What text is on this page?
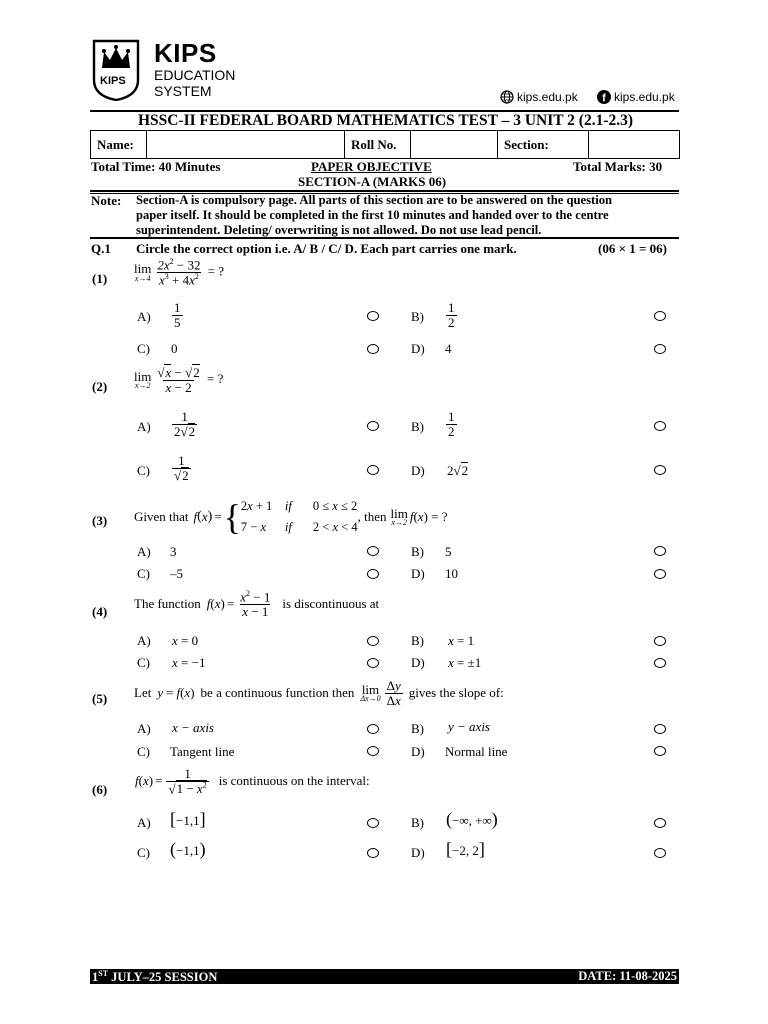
KIPS
KIPS
EDUCATION
SYSTEM	kips.edu.pk f kips.edu.pk
HSSC-II FEDERAL BOARD MATHEMATICS TEST – 3 UNIT 2 (2.1-2.3)
Name:	Roll No.	Section:
Total Time: 40 Minutes	PAPER OBJECTIVE
SECTION-A (MARKS 06)
Total Marks: 30
Note: Section-A is compulsory page. All parts of this section are to be answered on the question
paper itself. It should be completed in the first 10 minutes and handed over to the centre
superintendent. Deleting/ overwriting is not allowed. Do not use lead pencil.
Q.1 Circle the correct option i.e. A/ B / C/ D. Each part carries one mark.	(06 × 1 = 06)
(1)
lim
$x\to 4 \frac{2x^2 - 32}{x^3 + 4x^2}$ = ?
$A) \frac{1}{5}$	$B) \frac{1}{2}$
C) 0	D) 4
(2)
lim
$x\to 2 \frac{√x - √2}{x - 2}$ = ?
$A) \frac{1}{2√2}$	$B) \frac{1}{2}$
$C) \frac{1}{√2}$	D) 2√2
(3) Given that f ( x ) = { 2x + 1 if 0 ≤ x ≤ 2
7 − x if 2 < x < 4
, then lim
x→2 f ( x ) = ?
A) 3	B) 5
C) –5	D) 10
(4)
The function f ( x ) = $\frac{x^2 - 1}{x - 1}$ is discontinuous at
A) x = 0	B) x = 1
C) x = −1	D) x = ±1
(5) Let y = f ( x ) be a continuous function then lim
$\Delta x\to 0 \frac{\Delta y}{\Delta x}$ gives the slope of:
A) x − axis	B) y − axis
C) Tangent line	D) Normal line
(6)
f ( x ) = $\frac{1}{√1 - x^2}$ is continuous on the interval:
A) [−1,1]	B) (−∞, +∞)
C) (−1,1)	D) [−2, 2]
1ST JULY–25 SESSION	DATE: 11-08-2025
